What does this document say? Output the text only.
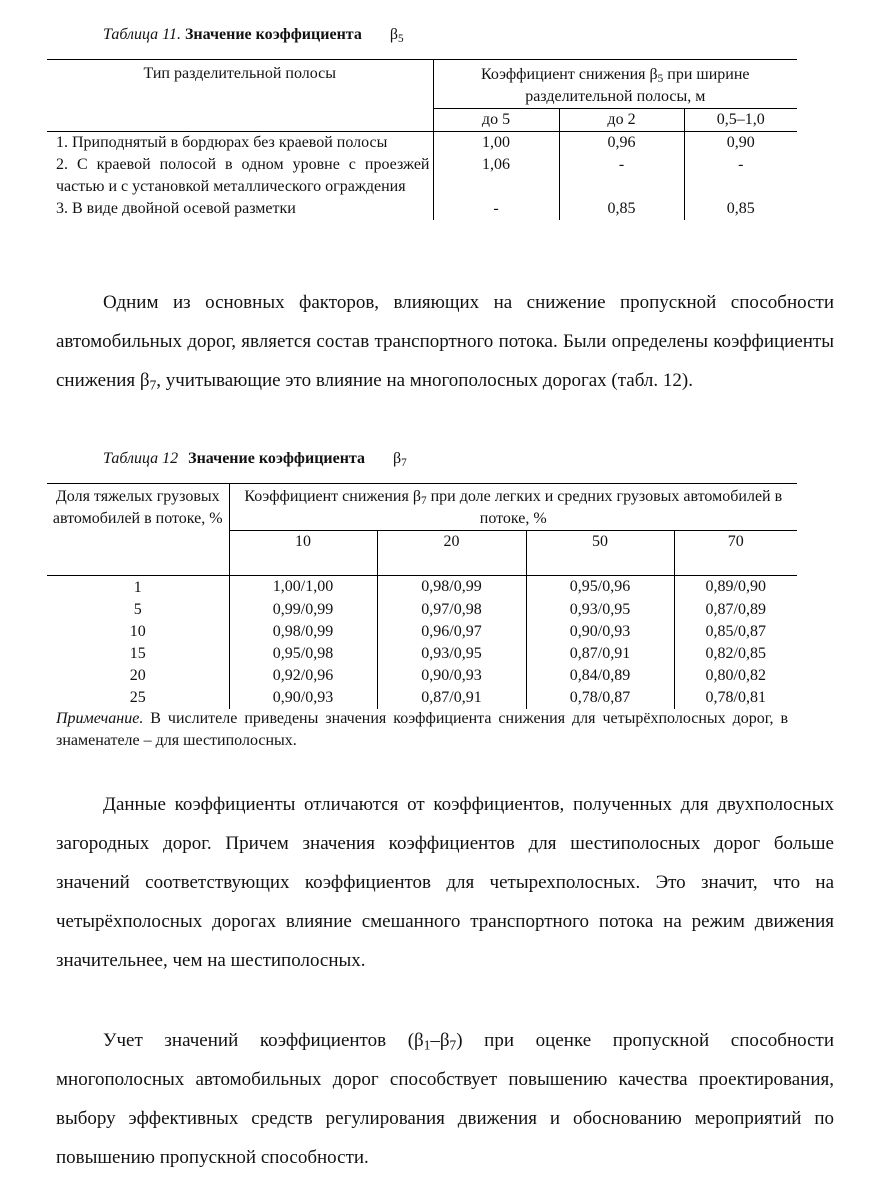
Таблица 11. Значение коэффициента $\beta_5$
Тип разделительной полосы	Коэффициент снижения $\beta_5$ при ширине разделительной полосы, м		
	до 5	до 2	0,5–1,0
1. Приподнятый в бордюрах без краевой полосы	1,00	0,96	0,90
2. С краевой полосой в одном уровне с проезжей частью и с установкой металлического ограждения	1,06	-	-
3. В виде двойной осевой разметки	-	0,85	0,85

Одним из основных факторов, влияющих на снижение пропускной способности автомобильных дорог, является состав транспортного потока. Были определены коэффициенты снижения $\beta_7$, учитывающие это влияние на многополосных дорогах (табл. 12).

Таблица 12 Значение коэффициента $\beta_7$
Доля тяжелых грузовых автомобилей в потоке, %	Коэффициент снижения $\beta_7$ при доле легких и средних грузовых автомобилей в потоке, %			
	10	20	50	70
1	1,00/1,00	0,98/0,99	0,95/0,96	0,89/0,90
5	0,99/0,99	0,97/0,98	0,93/0,95	0,87/0,89
10	0,98/0,99	0,96/0,97	0,90/0,93	0,85/0,87
15	0,95/0,98	0,93/0,95	0,87/0,91	0,82/0,85
20	0,92/0,96	0,90/0,93	0,84/0,89	0,80/0,82
25	0,90/0,93	0,87/0,91	0,78/0,87	0,78/0,81

Примечание. В числителе приведены значения коэффициента снижения для четырёхполосных дорог, в знаменателе – для шестиполосных.

Данные коэффициенты отличаются от коэффициентов, полученных для двухполосных загородных дорог. Причем значения коэффициентов для шестиполосных дорог больше значений соответствующих коэффициентов для четырехполосных. Это значит, что на четырёхполосных дорогах влияние смешанного транспортного потока на режим движения значительнее, чем на шестиполосных.

Учет значений коэффициентов $(\beta_1-\beta_7)$ при оценке пропускной способности многополосных автомобильных дорог способствует повышению качества проектирования, выбору эффективных средств регулирования движения и обоснованию мероприятий по повышению пропускной способности.
